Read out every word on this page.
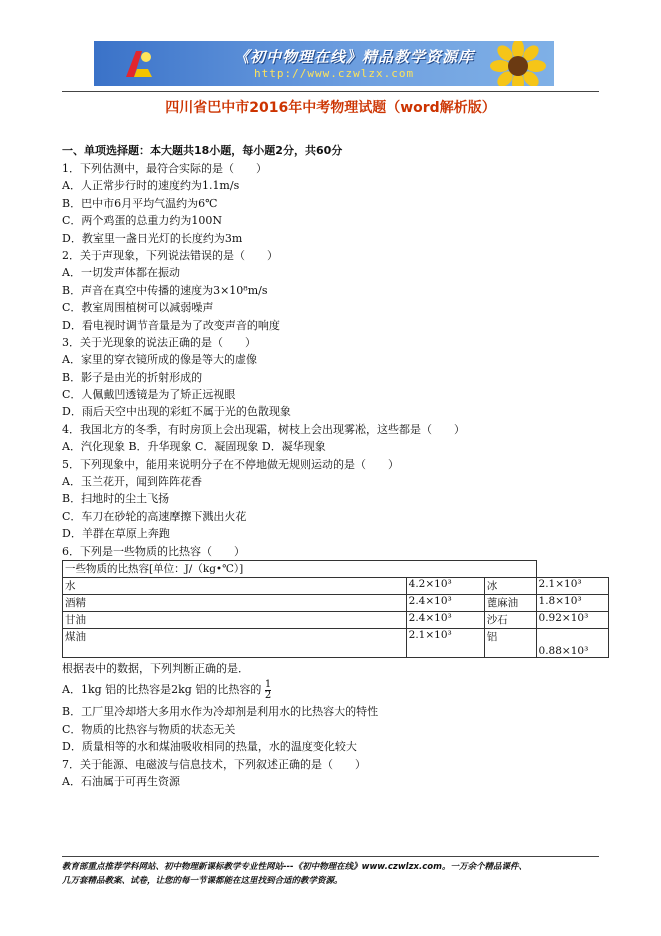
《初中物理在线》精品教学资源库
http://www.czwlzx.com
四川省巴中市2016年中考物理试题（word解析版）
一、单项选择题：本大题共18小题，每小题2分，共60分
1．下列估测中，最符合实际的是（　　）
A．人正常步行时的速度约为1.1m/s
B．巴中市6月平均气温约为6℃
C．两个鸡蛋的总重力约为100N
D．教室里一盏日光灯的长度约为3m
2．关于声现象，下列说法错误的是（　　）
A．一切发声体都在振动
B．声音在真空中传播的速度为3×10⁸m/s
C．教室周围植树可以减弱噪声
D．看电视时调节音量是为了改变声音的响度
3．关于光现象的说法正确的是（　　）
A．家里的穿衣镜所成的像是等大的虚像
B．影子是由光的折射形成的
C．人佩戴凹透镜是为了矫正远视眼
D．雨后天空中出现的彩虹不属于光的色散现象
4．我国北方的冬季，有时房顶上会出现霜，树枝上会出现雾凇，这些都是（　　）
A．汽化现象 B．升华现象 C．凝固现象 D．凝华现象
5．下列现象中，能用来说明分子在不停地做无规则运动的是（　　）
A．玉兰花开，闻到阵阵花香
B．扫地时的尘土飞扬
C．车刀在砂轮的高速摩擦下溅出火花
D．羊群在草原上奔跑
6．下列是一些物质的比热容（　　）
一些物质的比热容[单位：J/（kg•℃）]			
水	4.2×10³	冰	2.1×10³
酒精	2.4×10³	蓖麻油	1.8×10³
甘油	2.4×10³	沙石	0.92×10³
煤油	2.1×10³	铝	0.88×10³
根据表中的数据，下列判断正确的是．
A．1kg 铝的比热容是2kg 铝的比热容的 $\frac{1}{2}$
B．工厂里冷却塔大多用水作为冷却剂是利用水的比热容大的特性
C．物质的比热容与物质的状态无关
D．质量相等的水和煤油吸收相同的热量，水的温度变化较大
7．关于能源、电磁波与信息技术，下列叙述正确的是（　　）
A．石油属于可再生资源
教育部重点推荐学科网站、初中物理新课标教学专业性网站---《初中物理在线》www.czwlzx.com。一万余个精品课件、
几万套精品教案、试卷，让您的每一节课都能在这里找到合适的教学资源。
